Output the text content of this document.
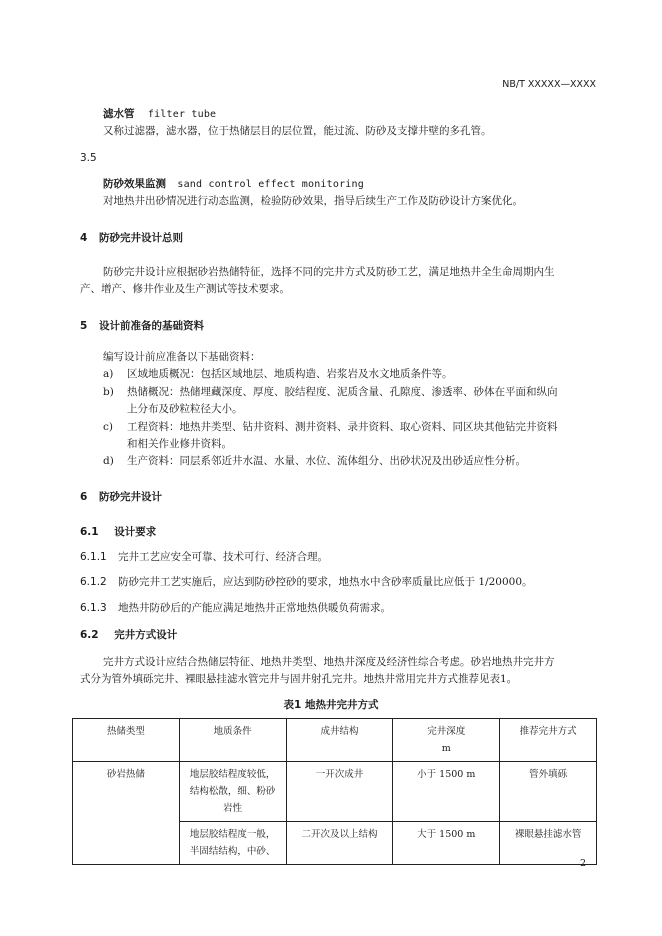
NB/T XXXXX—XXXX
滤水管 filter tube
又称过滤器，滤水器，位于热储层目的层位置，能过流、防砂及支撑井壁的多孔管。
3.5
防砂效果监测 sand control effect monitoring
对地热井出砂情况进行动态监测，检验防砂效果，指导后续生产工作及防砂设计方案优化。
4 防砂完井设计总则
防砂完井设计应根据砂岩热储特征，选择不同的完井方式及防砂工艺，满足地热井全生命周期内生
产、增产、修井作业及生产测试等技术要求。
5 设计前准备的基础资料
编写设计前应准备以下基础资料：
a) 区域地质概况：包括区域地层、地质构造、岩浆岩及水文地质条件等。
b) 热储概况：热储埋藏深度、厚度、胶结程度、泥质含量、孔隙度、渗透率、砂体在平面和纵向
上分布及砂粒粒径大小。
c) 工程资料：地热井类型、钻井资料、测井资料、录井资料、取心资料、同区块其他钻完井资料
和相关作业修井资料。
d) 生产资料：同层系邻近井水温、水量、水位、流体组分、出砂状况及出砂适应性分析。
6 防砂完井设计
6.1 设计要求
6.1.1 完井工艺应安全可靠、技术可行、经济合理。
6.1.2 防砂完井工艺实施后，应达到防砂控砂的要求，地热水中含砂率质量比应低于 1/20000。
6.1.3 地热井防砂后的产能应满足地热井正常地热供暖负荷需求。
6.2 完井方式设计
完井方式设计应结合热储层特征、地热井类型、地热井深度及经济性综合考虑。砂岩地热井完井方
式分为管外填砾完井、裸眼悬挂滤水管完井与固井射孔完井。地热井常用完井方式推荐见表1。
表1 地热井完井方式
热储类型	地质条件	成井结构	完井深度
m	推荐完井方式
砂岩热储	地层胶结程度较低，
结构松散，细、粉砂
岩性	一开次成井	小于 1500 m	管外填砾
	地层胶结程度一般，
半固结结构，中砂、	二开次及以上结构	大于 1500 m	裸眼悬挂滤水管
2
